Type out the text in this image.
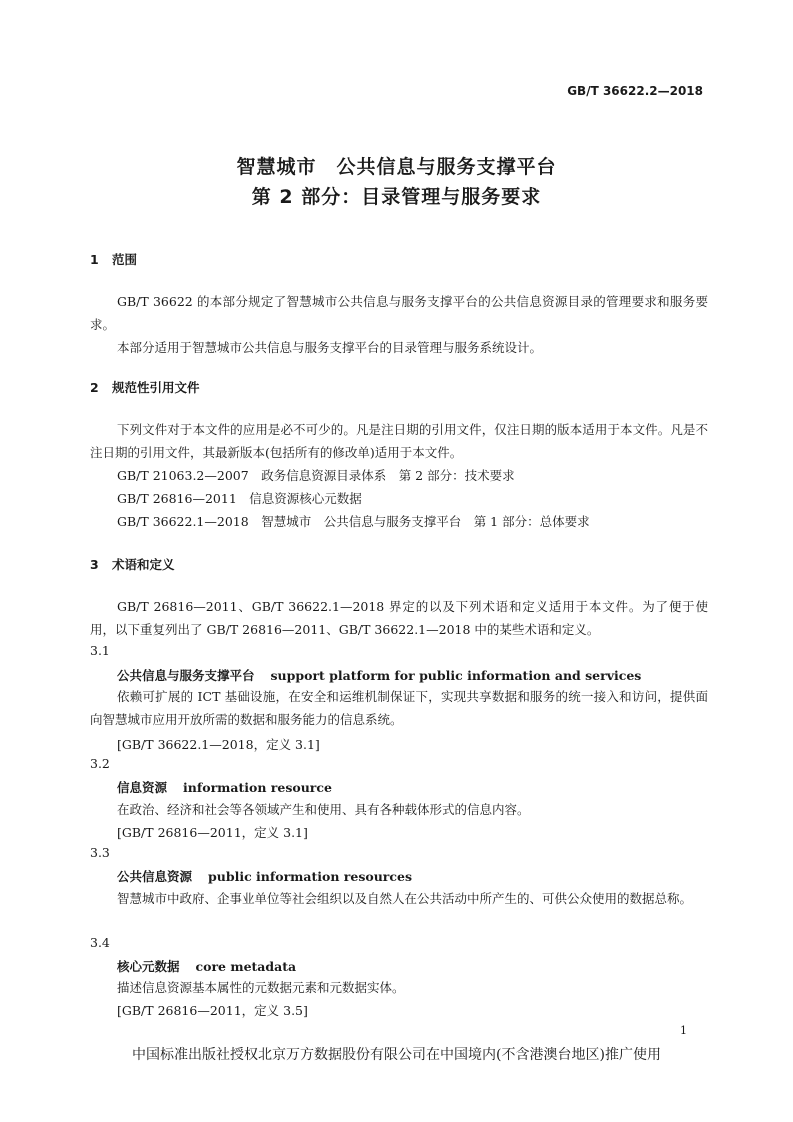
GB/T 36622.2—2018
智慧城市　公共信息与服务支撑平台
第 2 部分：目录管理与服务要求
1 范围
GB/T 36622 的本部分规定了智慧城市公共信息与服务支撑平台的公共信息资源目录的管理要求和服务要求。
本部分适用于智慧城市公共信息与服务支撑平台的目录管理与服务系统设计。
2 规范性引用文件
下列文件对于本文件的应用是必不可少的。凡是注日期的引用文件，仅注日期的版本适用于本文件。凡是不注日期的引用文件，其最新版本(包括所有的修改单)适用于本文件。
GB/T 21063.2—2007　政务信息资源目录体系　第 2 部分：技术要求
GB/T 26816—2011　信息资源核心元数据
GB/T 36622.1—2018　智慧城市　公共信息与服务支撑平台　第 1 部分：总体要求
3 术语和定义
GB/T 26816—2011、GB/T 36622.1—2018 界定的以及下列术语和定义适用于本文件。为了便于使用，以下重复列出了 GB/T 26816—2011、GB/T 36622.1—2018 中的某些术语和定义。
3.1
公共信息与服务支撑平台 support platform for public information and services
依赖可扩展的 ICT 基础设施，在安全和运维机制保证下，实现共享数据和服务的统一接入和访问，提供面向智慧城市应用开放所需的数据和服务能力的信息系统。
[GB/T 36622.1—2018，定义 3.1]
3.2
信息资源 information resource
在政治、经济和社会等各领域产生和使用、具有各种载体形式的信息内容。
[GB/T 26816—2011，定义 3.1]
3.3
公共信息资源 public information resources
智慧城市中政府、企事业单位等社会组织以及自然人在公共活动中所产生的、可供公众使用的数据总称。
3.4
核心元数据 core metadata
描述信息资源基本属性的元数据元素和元数据实体。
[GB/T 26816—2011，定义 3.5]
1
中国标准出版社授权北京万方数据股份有限公司在中国境内(不含港澳台地区)推广使用
